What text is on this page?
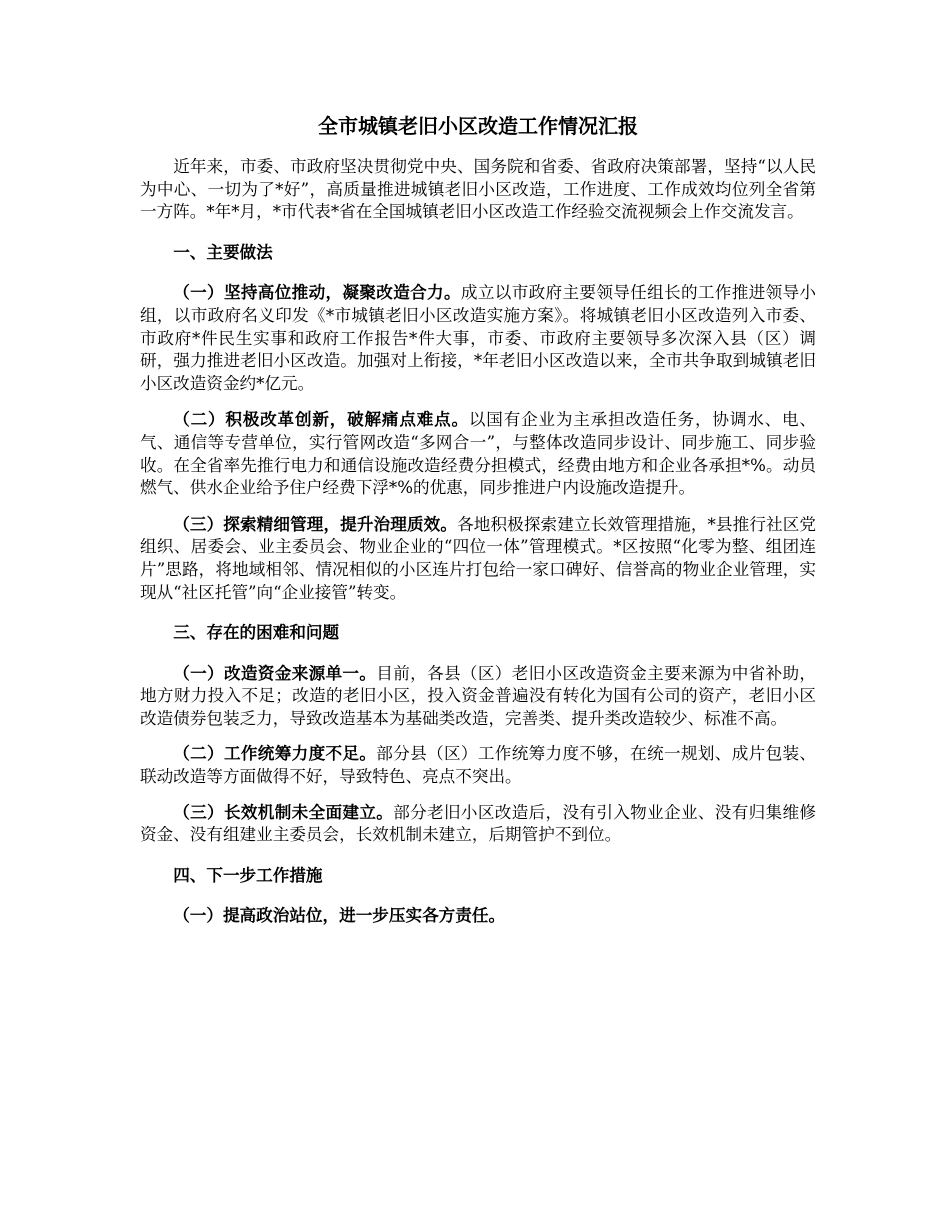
全市城镇老旧小区改造工作情况汇报

近年来，市委、市政府坚决贯彻党中央、国务院和省委、省政府决策部署，坚持“以人民为中心、一切为了*好”，高质量推进城镇老旧小区改造，工作进度、工作成效均位列全省第一方阵。*年*月，*市代表*省在全国城镇老旧小区改造工作经验交流视频会上作交流发言。

一、主要做法

（一）坚持高位推动，凝聚改造合力。成立以市政府主要领导任组长的工作推进领导小组，以市政府名义印发《*市城镇老旧小区改造实施方案》。将城镇老旧小区改造列入市委、市政府*件民生实事和政府工作报告*件大事，市委、市政府主要领导多次深入县（区）调研，强力推进老旧小区改造。加强对上衔接，*年老旧小区改造以来，全市共争取到城镇老旧小区改造资金约*亿元。

（二）积极改革创新，破解痛点难点。以国有企业为主承担改造任务，协调水、电、气、通信等专营单位，实行管网改造“多网合一”，与整体改造同步设计、同步施工、同步验收。在全省率先推行电力和通信设施改造经费分担模式，经费由地方和企业各承担*%。动员燃气、供水企业给予住户经费下浮*%的优惠，同步推进户内设施改造提升。

（三）探索精细管理，提升治理质效。各地积极探索建立长效管理措施，*县推行社区党组织、居委会、业主委员会、物业企业的“四位一体”管理模式。*区按照“化零为整、组团连片”思路，将地域相邻、情况相似的小区连片打包给一家口碑好、信誉高的物业企业管理，实现从“社区托管”向“企业接管”转变。

三、存在的困难和问题

（一）改造资金来源单一。目前，各县（区）老旧小区改造资金主要来源为中省补助，地方财力投入不足；改造的老旧小区，投入资金普遍没有转化为国有公司的资产，老旧小区改造债券包装乏力，导致改造基本为基础类改造，完善类、提升类改造较少、标准不高。

（二）工作统筹力度不足。部分县（区）工作统筹力度不够，在统一规划、成片包装、联动改造等方面做得不好，导致特色、亮点不突出。

（三）长效机制未全面建立。部分老旧小区改造后，没有引入物业企业、没有归集维修资金、没有组建业主委员会，长效机制未建立，后期管护不到位。

四、下一步工作措施

（一）提高政治站位，进一步压实各方责任。
